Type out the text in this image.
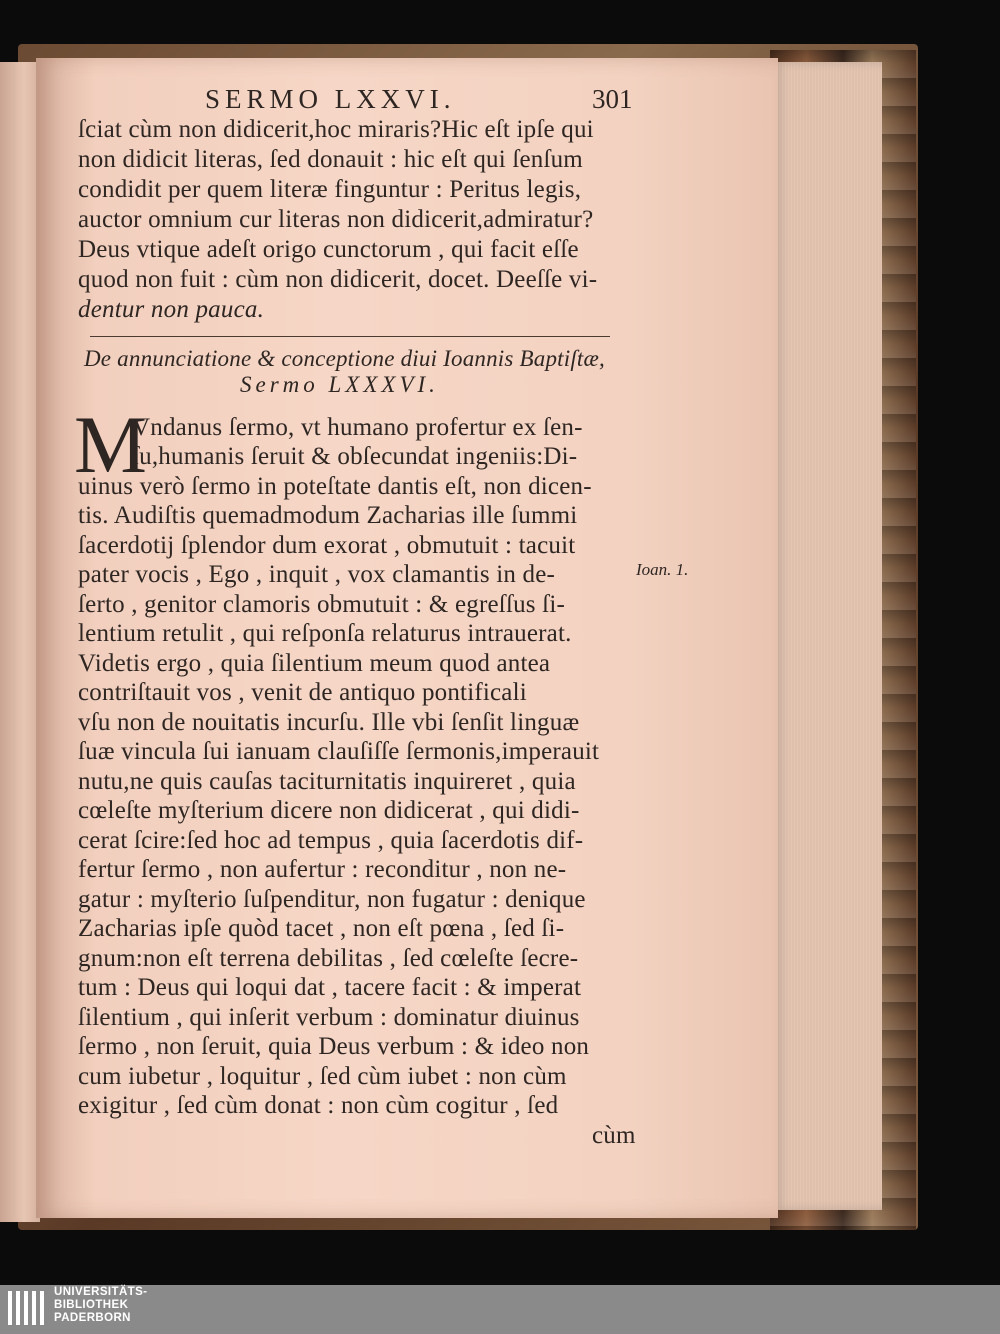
SERMO LXXVI.	301
ſciat cùm non didicerit,hoc miraris?Hic eſt ipſe qui
non didicit literas, ſed donauit : hic eſt qui ſenſum
condidit per quem literæ finguntur : Peritus legis,
auctor omnium cur literas non didicerit,admiratur?
Deus vtique adeſt origo cunctorum , qui facit eſſe
quod non fuit : cùm non didicerit, docet. Deeſſe vi-
dentur non pauca.
De annunciatione & conceptione diui Ioannis Baptiſtæ,
Sermo LXXXVI.
M
Vndanus ſermo, vt humano profertur ex ſen-
ſu,humanis ſeruit & obſecundat ingeniis:Di-
uinus verò ſermo in poteſtate dantis eſt, non dicen-
tis. Audiſtis quemadmodum Zacharias ille ſummi
ſacerdotij ſplendor dum exorat , obmutuit : tacuit
pater vocis , Ego , inquit , vox clamantis in de-
ſerto , genitor clamoris obmutuit : & egreſſus ſi-
lentium retulit , qui reſponſa relaturus intrauerat.
Videtis ergo , quia ſilentium meum quod antea
contriſtauit vos , venit de antiquo pontificali
vſu non de nouitatis incurſu. Ille vbi ſenſit linguæ
ſuæ vincula ſui ianuam clauſiſſe ſermonis,imperauit
nutu,ne quis cauſas taciturnitatis inquireret , quia
cœleſte myſterium dicere non didicerat , qui didi-
cerat ſcire:ſed hoc ad tempus , quia ſacerdotis dif-
fertur ſermo , non aufertur : reconditur , non ne-
gatur : myſterio ſuſpenditur, non fugatur : denique
Zacharias ipſe quòd tacet , non eſt pœna , ſed ſi-
gnum:non eſt terrena debilitas , ſed cœleſte ſecre-
tum : Deus qui loqui dat , tacere facit : & imperat
ſilentium , qui inſerit verbum : dominatur diuinus
ſermo , non ſeruit, quia Deus verbum : & ideo non
cum iubetur , loquitur , ſed cùm iubet : non cùm
exigitur , ſed cùm donat : non cùm cogitur , ſed
cùm
Ioan. 1.
UNIVERSITÄTS-
BIBLIOTHEK
PADERBORN
